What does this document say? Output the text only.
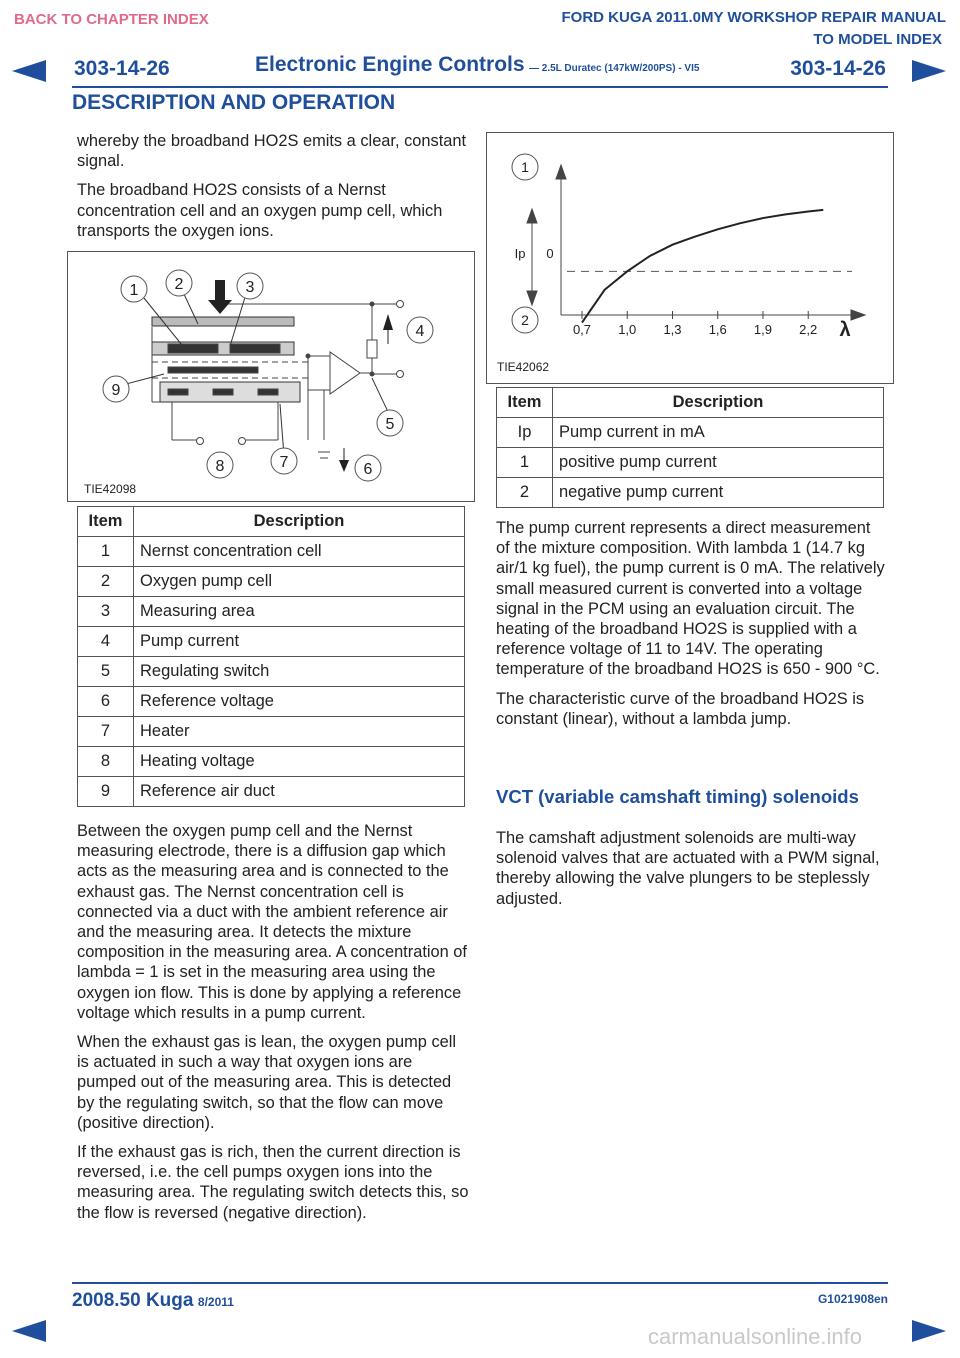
BACK TO CHAPTER INDEX	FORD KUGA 2011.0MY WORKSHOP REPAIR MANUAL
TO MODEL INDEX
303-14-26	Electronic Engine Controls — 2.5L Duratec (147kW/200PS) - VI5	303-14-26
DESCRIPTION AND OPERATION

whereby the broadband HO2S emits a clear, constant signal.

The broadband HO2S consists of a Nernst concentration cell and an oxygen pump cell, which transports the oxygen ions.

1 2	3
4
5
6
7
8
9
TIE42098
Item	Description
1	Nernst concentration cell
2	Oxygen pump cell
3	Measuring area
4	Pump current
5	Regulating switch
6	Reference voltage
7	Heater
8	Heating voltage
9	Reference air duct

Between the oxygen pump cell and the Nernst measuring electrode, there is a diffusion gap which acts as the measuring area and is connected to the exhaust gas. The Nernst concentration cell is connected via a duct with the ambient reference air and the measuring area. It detects the mixture composition in the measuring area. A concentration of lambda = 1 is set in the measuring area using the oxygen ion flow. This is done by applying a reference voltage which results in a pump current.

When the exhaust gas is lean, the oxygen pump cell is actuated in such a way that oxygen ions are pumped out of the measuring area. This is detected by the regulating switch, so that the flow can move (positive direction).

If the exhaust gas is rich, then the current direction is reversed, i.e. the cell pumps oxygen ions into the measuring area. The regulating switch detects this, so the flow is reversed (negative direction).

0,7 1,0 1,3 1,6 1,9 2,2
1
2
Ip 0
λ
TIE42062
Item	Description
Ip	Pump current in mA
1	positive pump current
2	negative pump current

The pump current represents a direct measurement of the mixture composition. With lambda 1 (14.7 kg air/1 kg fuel), the pump current is 0 mA. The relatively small measured current is converted into a voltage signal in the PCM using an evaluation circuit. The heating of the broadband HO2S is supplied with a reference voltage of 11 to 14V. The operating temperature of the broadband HO2S is 650 - 900 °C.

The characteristic curve of the broadband HO2S is constant (linear), without a lambda jump.

VCT (variable camshaft timing) solenoids

The camshaft adjustment solenoids are multi-way solenoid valves that are actuated with a PWM signal, thereby allowing the valve plungers to be steplessly adjusted.

2008.50 Kuga 8/2011	G1021908en
carmanualsonline.info
